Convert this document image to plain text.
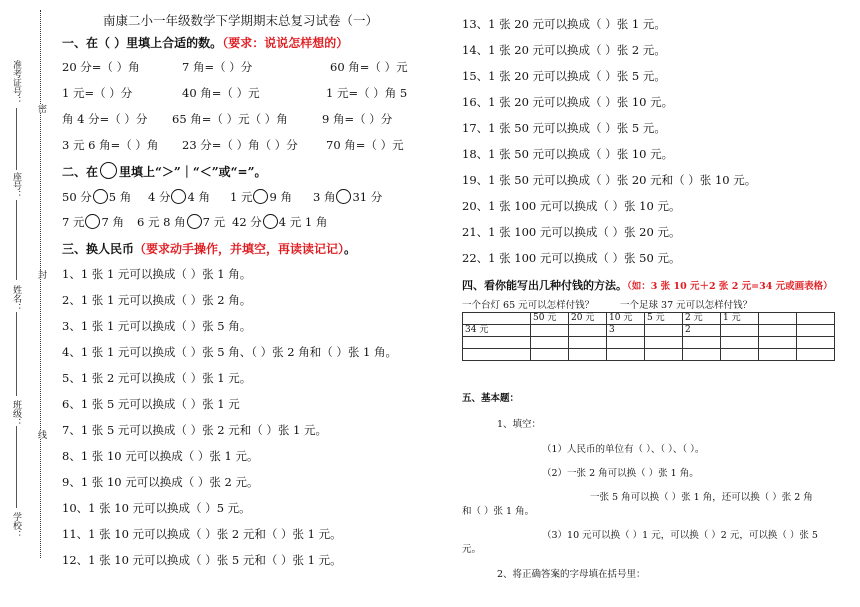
准考证号：
座号：
姓名：
班级：
学校：
密
封
线
南康二小一年级数学下学期期末总复习试卷（一）
一、在（ ）里填上合适的数。（要求：说说怎样想的）
20 分=（ ）角	7 角=（ ）分	60 角=（ ）元
1 元=（ ）分	40 角=（ ）元	1 元=（ ）角 5
角 4 分=（ ）分 65 角=（ ）元（ ）角	9 角=（ ）分
3 元 6 角=（ ）角 23 分=（ ）角（ ）分 70 角=（ ）元
二、在 里填上“＞”｜“＜”或“=”。
50 分 5 角 4 分 4 角 1 元 9 角 3 角 31 分
7 元 7 角 6 元 8 角 7 元 42 分 4 元 1 角
三、换人民币（要求动手操作，并填空，再读读记记）。
1、1 张 1 元可以换成（ ）张 1 角。
2、1 张 1 元可以换成（ ）张 2 角。
3、1 张 1 元可以换成（ ）张 5 角。
4、1 张 1 元可以换成（ ）张 5 角、（ ）张 2 角和（ ）张 1 角。
5、1 张 2 元可以换成（ ）张 1 元。
6、1 张 5 元可以换成（ ）张 1 元
7、1 张 5 元可以换成（ ）张 2 元和（ ）张 1 元。
8、1 张 10 元可以换成（ ）张 1 元。
9、1 张 10 元可以换成（ ）张 2 元。
10、1 张 10 元可以换成（ ）5 元。
11、1 张 10 元可以换成（ ）张 2 元和（ ）张 1 元。
12、1 张 10 元可以换成（ ）张 5 元和（ ）张 1 元。
13、1 张 20 元可以换成（ ）张 1 元。
14、1 张 20 元可以换成（ ）张 2 元。
15、1 张 20 元可以换成（ ）张 5 元。
16、1 张 20 元可以换成（ ）张 10 元。
17、1 张 50 元可以换成（ ）张 5 元。
18、1 张 50 元可以换成（ ）张 10 元。
19、1 张 50 元可以换成（ ）张 20 元和（ ）张 10 元。
20、1 张 100 元可以换成（ ）张 10 元。
21、1 张 100 元可以换成（ ）张 20 元。
22、1 张 100 元可以换成（ ）张 50 元。
四、看你能写出几种付钱的方法。（如：3 张 10 元＋2 张 2 元=34 元或画表格）
一个台灯 65 元可以怎样付钱？	一个足球 37 元可以怎样付钱？
	50 元	20 元	10 元	5 元	2 元	1 元		
34 元			3		2			

五、基本题：
1、填空：
（1）人民币的单位有（ ）、（ ）、（ ）。
（2）一张 2 角可以换（ ）张 1 角。
一张 5 角可以换（ ）张 1 角，还可以换（ ）张 2 角
和（ ）张 1 角。
（3）10 元可以换（ ）1 元，可以换（ ）2 元，可以换（ ）张 5
元。
2、将正确答案的字母填在括号里：
